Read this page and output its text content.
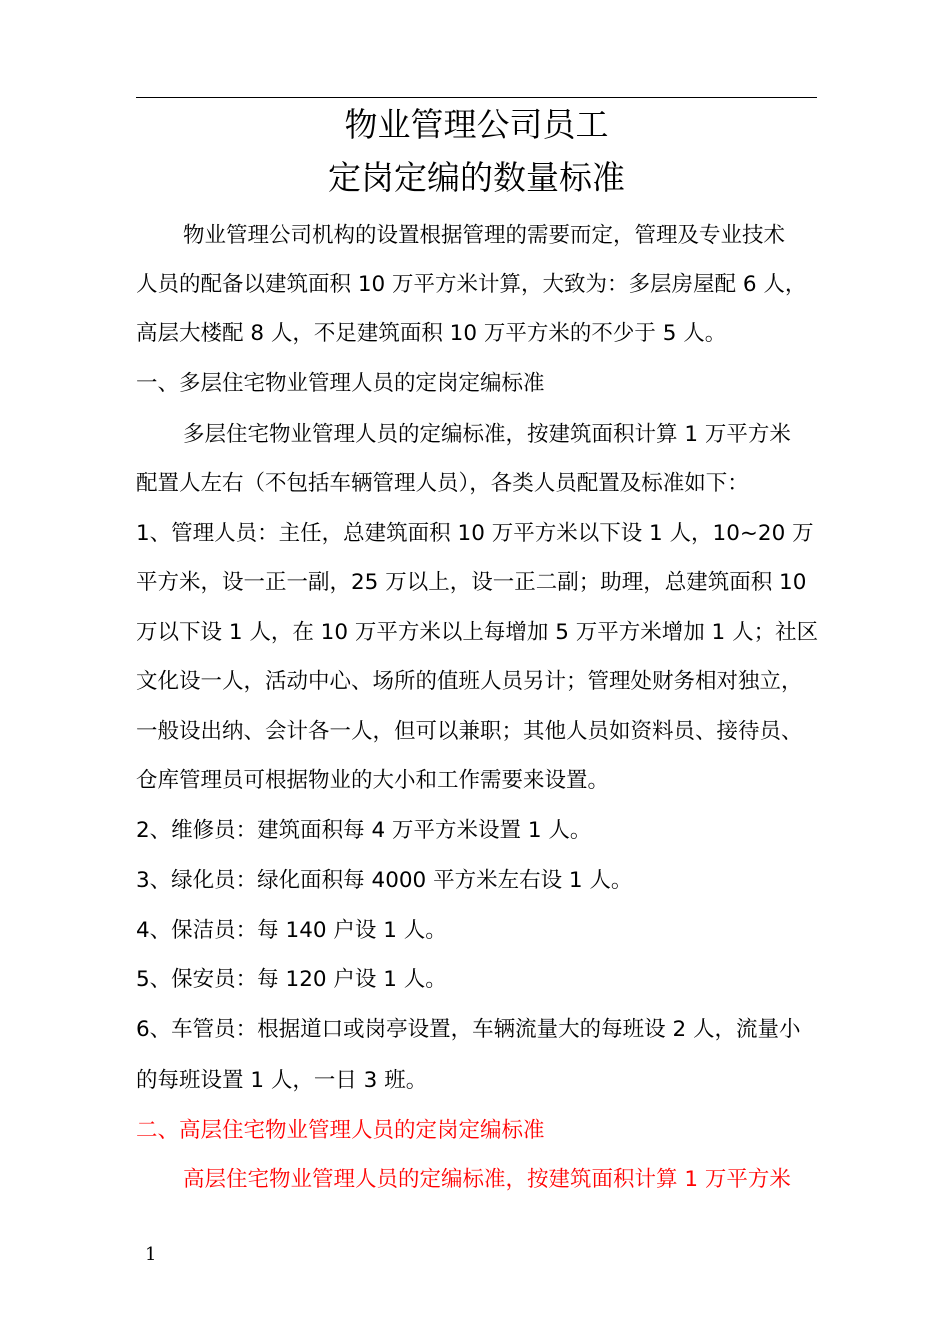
物业管理公司员工
定岗定编的数量标准
物业管理公司机构的设置根据管理的需要而定，管理及专业技术
人员的配备以建筑面积 10 万平方米计算，大致为：多层房屋配 6 人，
高层大楼配 8 人，不足建筑面积 10 万平方米的不少于 5 人。
一、多层住宅物业管理人员的定岗定编标准
多层住宅物业管理人员的定编标准，按建筑面积计算 1 万平方米
配置人左右（不包括车辆管理人员），各类人员配置及标准如下：
1、管理人员：主任，总建筑面积 10 万平方米以下设 1 人，10~20 万
平方米，设一正一副，25 万以上，设一正二副；助理，总建筑面积 10
万以下设 1 人，在 10 万平方米以上每增加 5 万平方米增加 1 人；社区
文化设一人，活动中心、场所的值班人员另计；管理处财务相对独立，
一般设出纳、会计各一人，但可以兼职；其他人员如资料员、接待员、
仓库管理员可根据物业的大小和工作需要来设置。
2、维修员：建筑面积每 4 万平方米设置 1 人。
3、绿化员：绿化面积每 4000 平方米左右设 1 人。
4、保洁员：每 140 户设 1 人。
5、保安员：每 120 户设 1 人。
6、车管员：根据道口或岗亭设置，车辆流量大的每班设 2 人，流量小
的每班设置 1 人，一日 3 班。
二、高层住宅物业管理人员的定岗定编标准
高层住宅物业管理人员的定编标准，按建筑面积计算 1 万平方米
1
